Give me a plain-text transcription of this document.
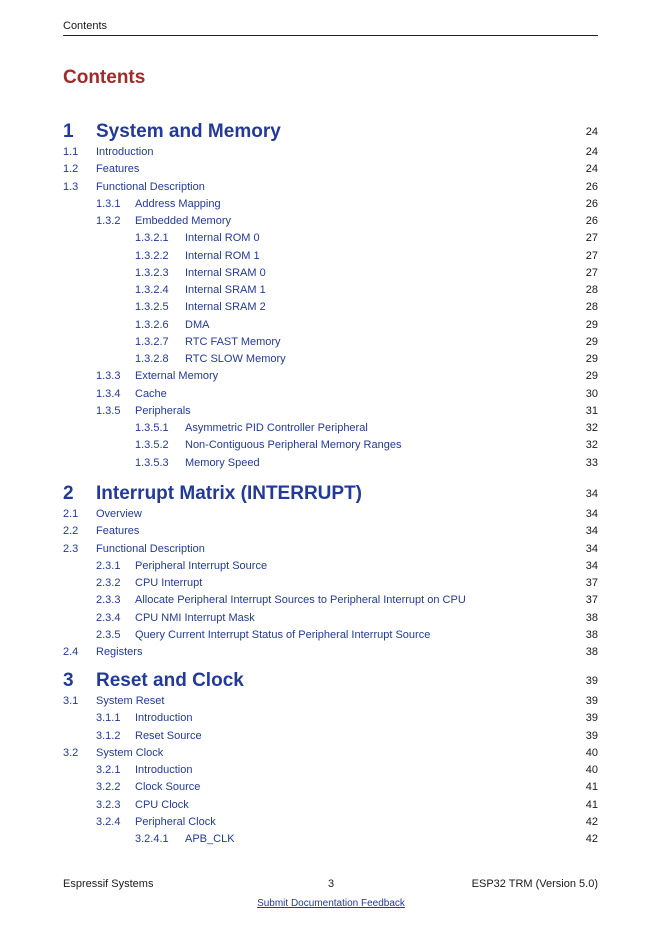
Contents
Contents
1 System and Memory	24
1.1 Introduction	24
1.2 Features	24
1.3 Functional Description	26
1.3.1 Address Mapping	26
1.3.2 Embedded Memory	26
1.3.2.1 Internal ROM 0	27
1.3.2.2 Internal ROM 1	27
1.3.2.3 Internal SRAM 0	27
1.3.2.4 Internal SRAM 1	28
1.3.2.5 Internal SRAM 2	28
1.3.2.6 DMA	29
1.3.2.7 RTC FAST Memory	29
1.3.2.8 RTC SLOW Memory	29
1.3.3 External Memory	29
1.3.4 Cache	30
1.3.5 Peripherals	31
1.3.5.1 Asymmetric PID Controller Peripheral	32
1.3.5.2 Non-Contiguous Peripheral Memory Ranges	32
1.3.5.3 Memory Speed	33
2 Interrupt Matrix (INTERRUPT)	34
2.1 Overview	34
2.2 Features	34
2.3 Functional Description	34
2.3.1 Peripheral Interrupt Source	34
2.3.2 CPU Interrupt	37
2.3.3 Allocate Peripheral Interrupt Sources to Peripheral Interrupt on CPU	37
2.3.4 CPU NMI Interrupt Mask	38
2.3.5 Query Current Interrupt Status of Peripheral Interrupt Source	38
2.4 Registers	38
3 Reset and Clock	39
3.1 System Reset	39
3.1.1 Introduction	39
3.1.2 Reset Source	39
3.2 System Clock	40
3.2.1 Introduction	40
3.2.2 Clock Source	41
3.2.3 CPU Clock	41
3.2.4 Peripheral Clock	42
3.2.4.1 APB_CLK	42
Espressif Systems	3	ESP32 TRM (Version 5.0)
Submit Documentation Feedback
